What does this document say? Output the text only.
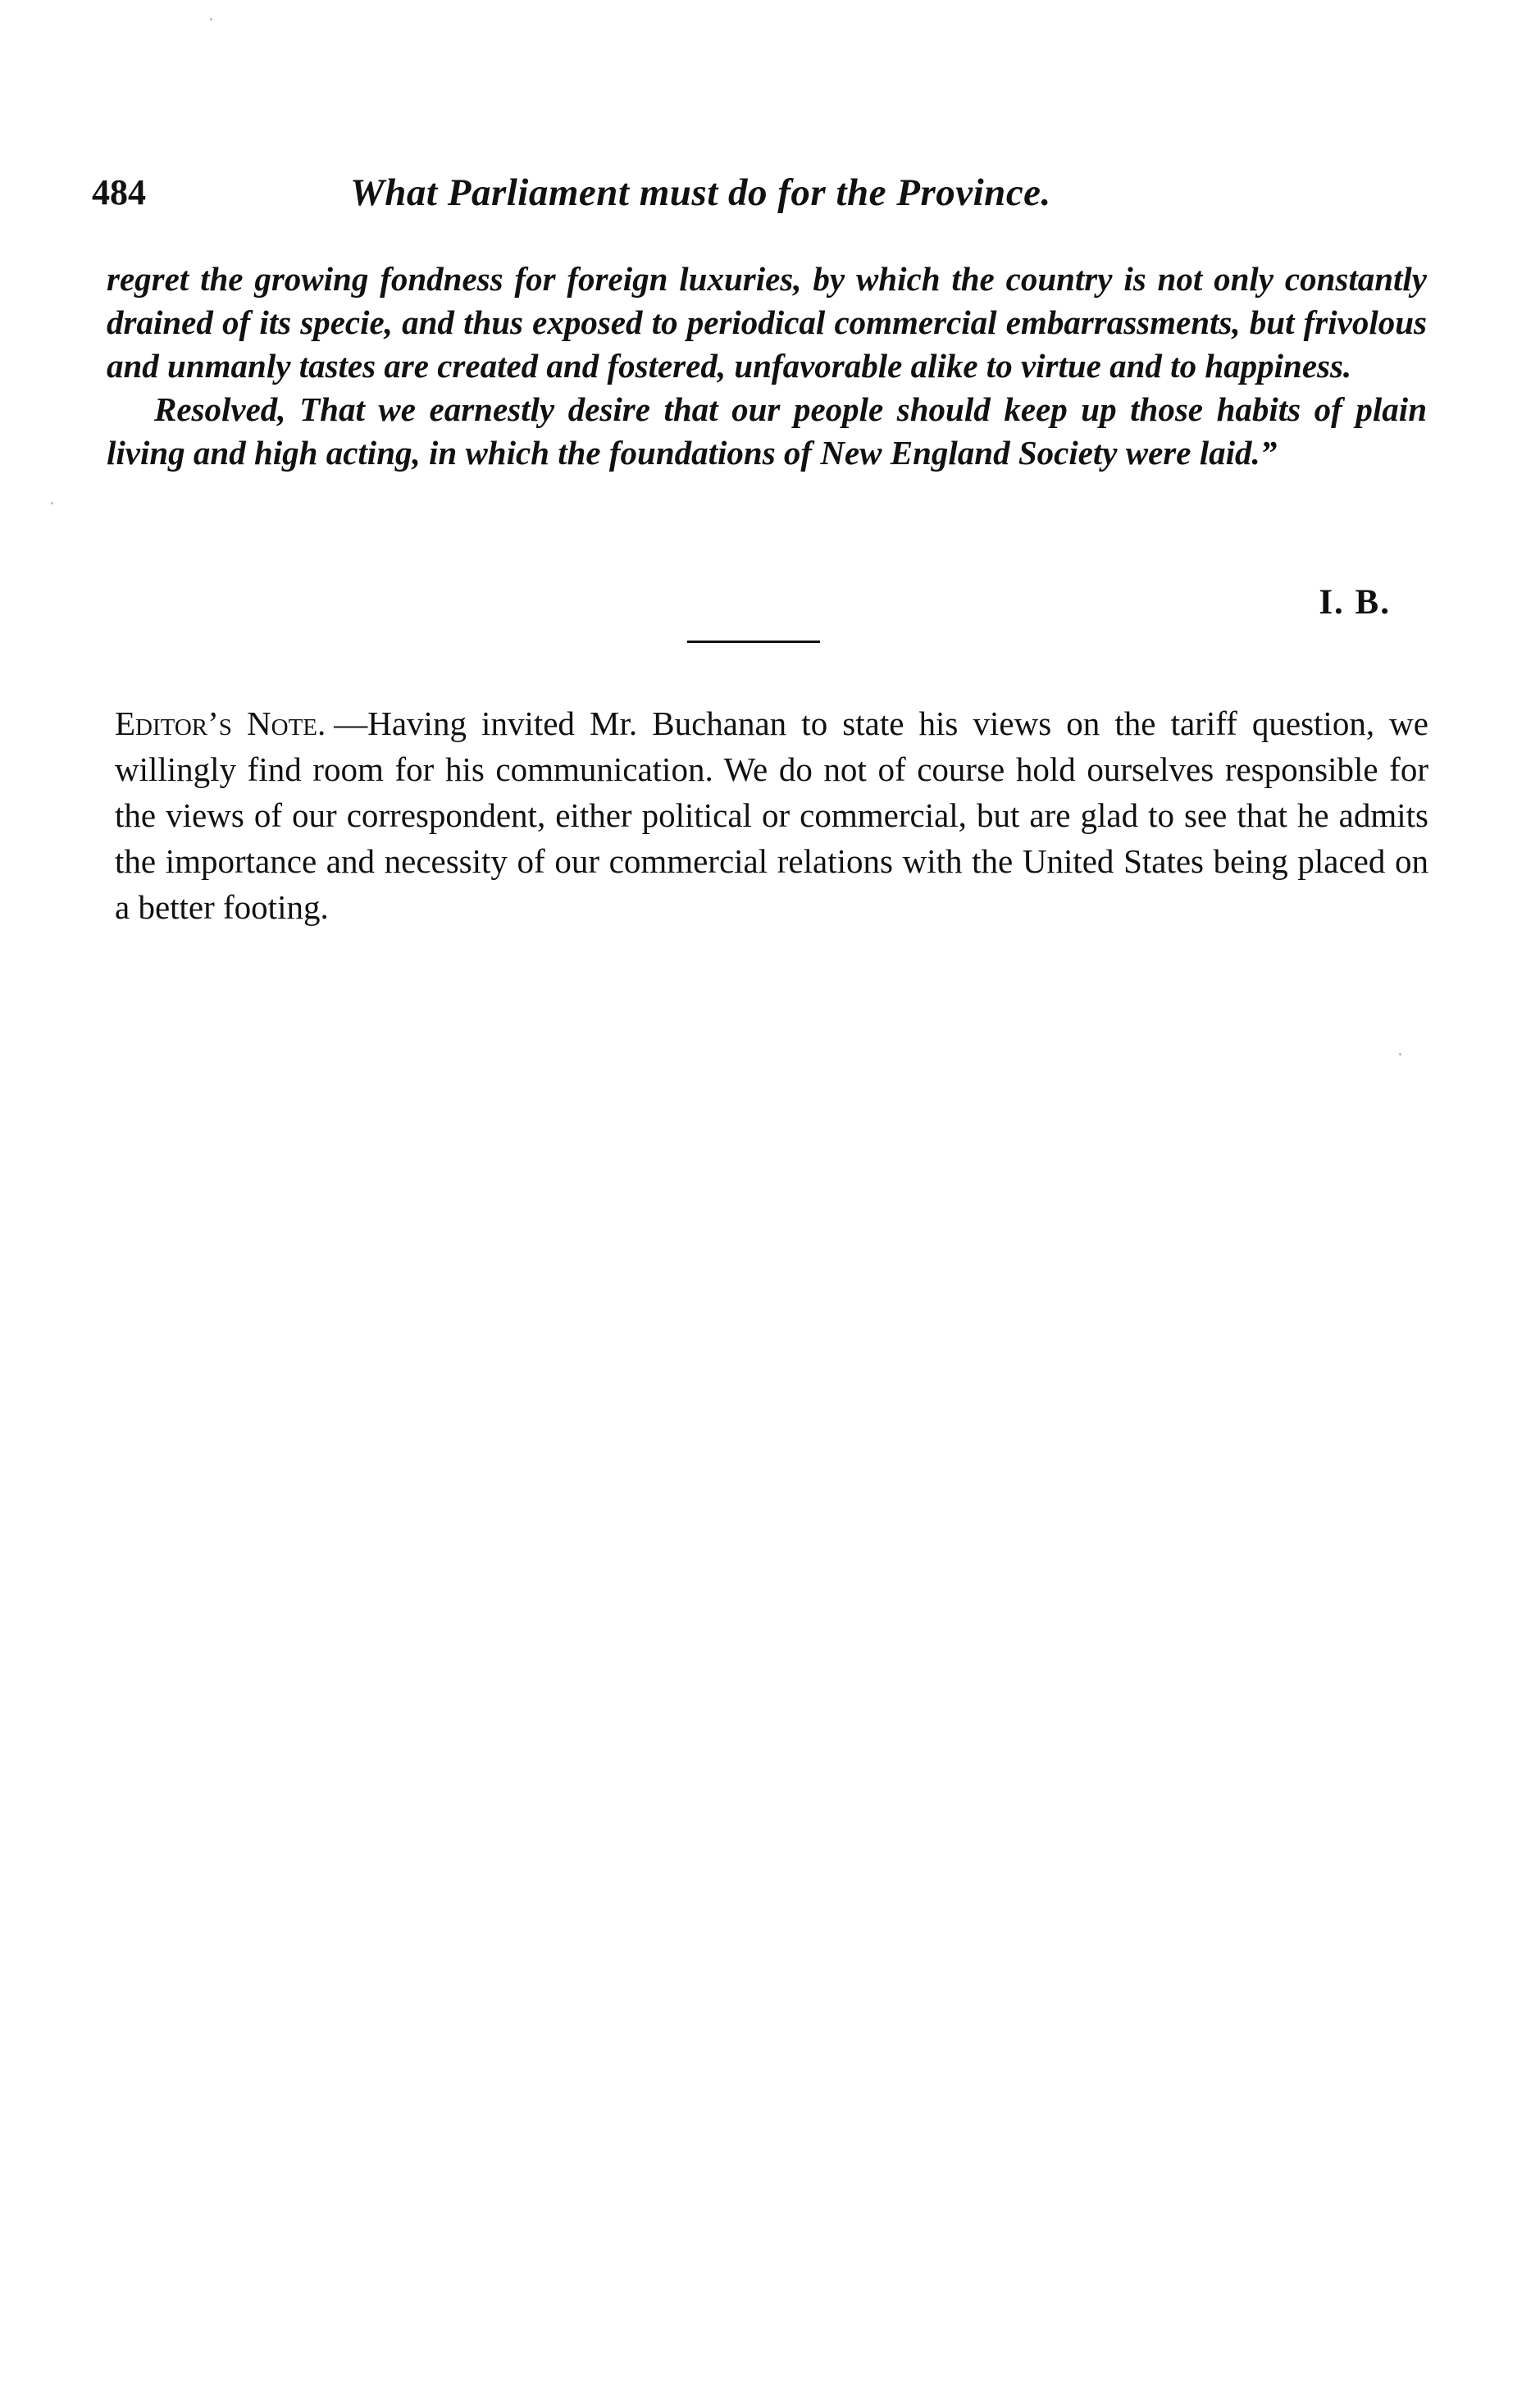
484	What Parliament must do for the Province.

regret the growing fondness for foreign luxuries, by which the country is not only constantly drained of its specie, and thus exposed to periodical commercial embarrassments, but frivolous and unmanly tastes are created and fostered, unfavorable alike to virtue and to happiness.

Resolved, That we earnestly desire that our people should keep up those habits of plain living and high acting, in which the foundations of New England Society were laid.”

I. B.
Editor’s Note. —Having invited Mr. Buchanan to state his views on the tariff question, we willingly find room for his communication. We do not of course hold ourselves responsible for the views of our correspondent, either political or commercial, but are glad to see that he admits the importance and necessity of our commercial relations with the United States being placed on a better footing.
